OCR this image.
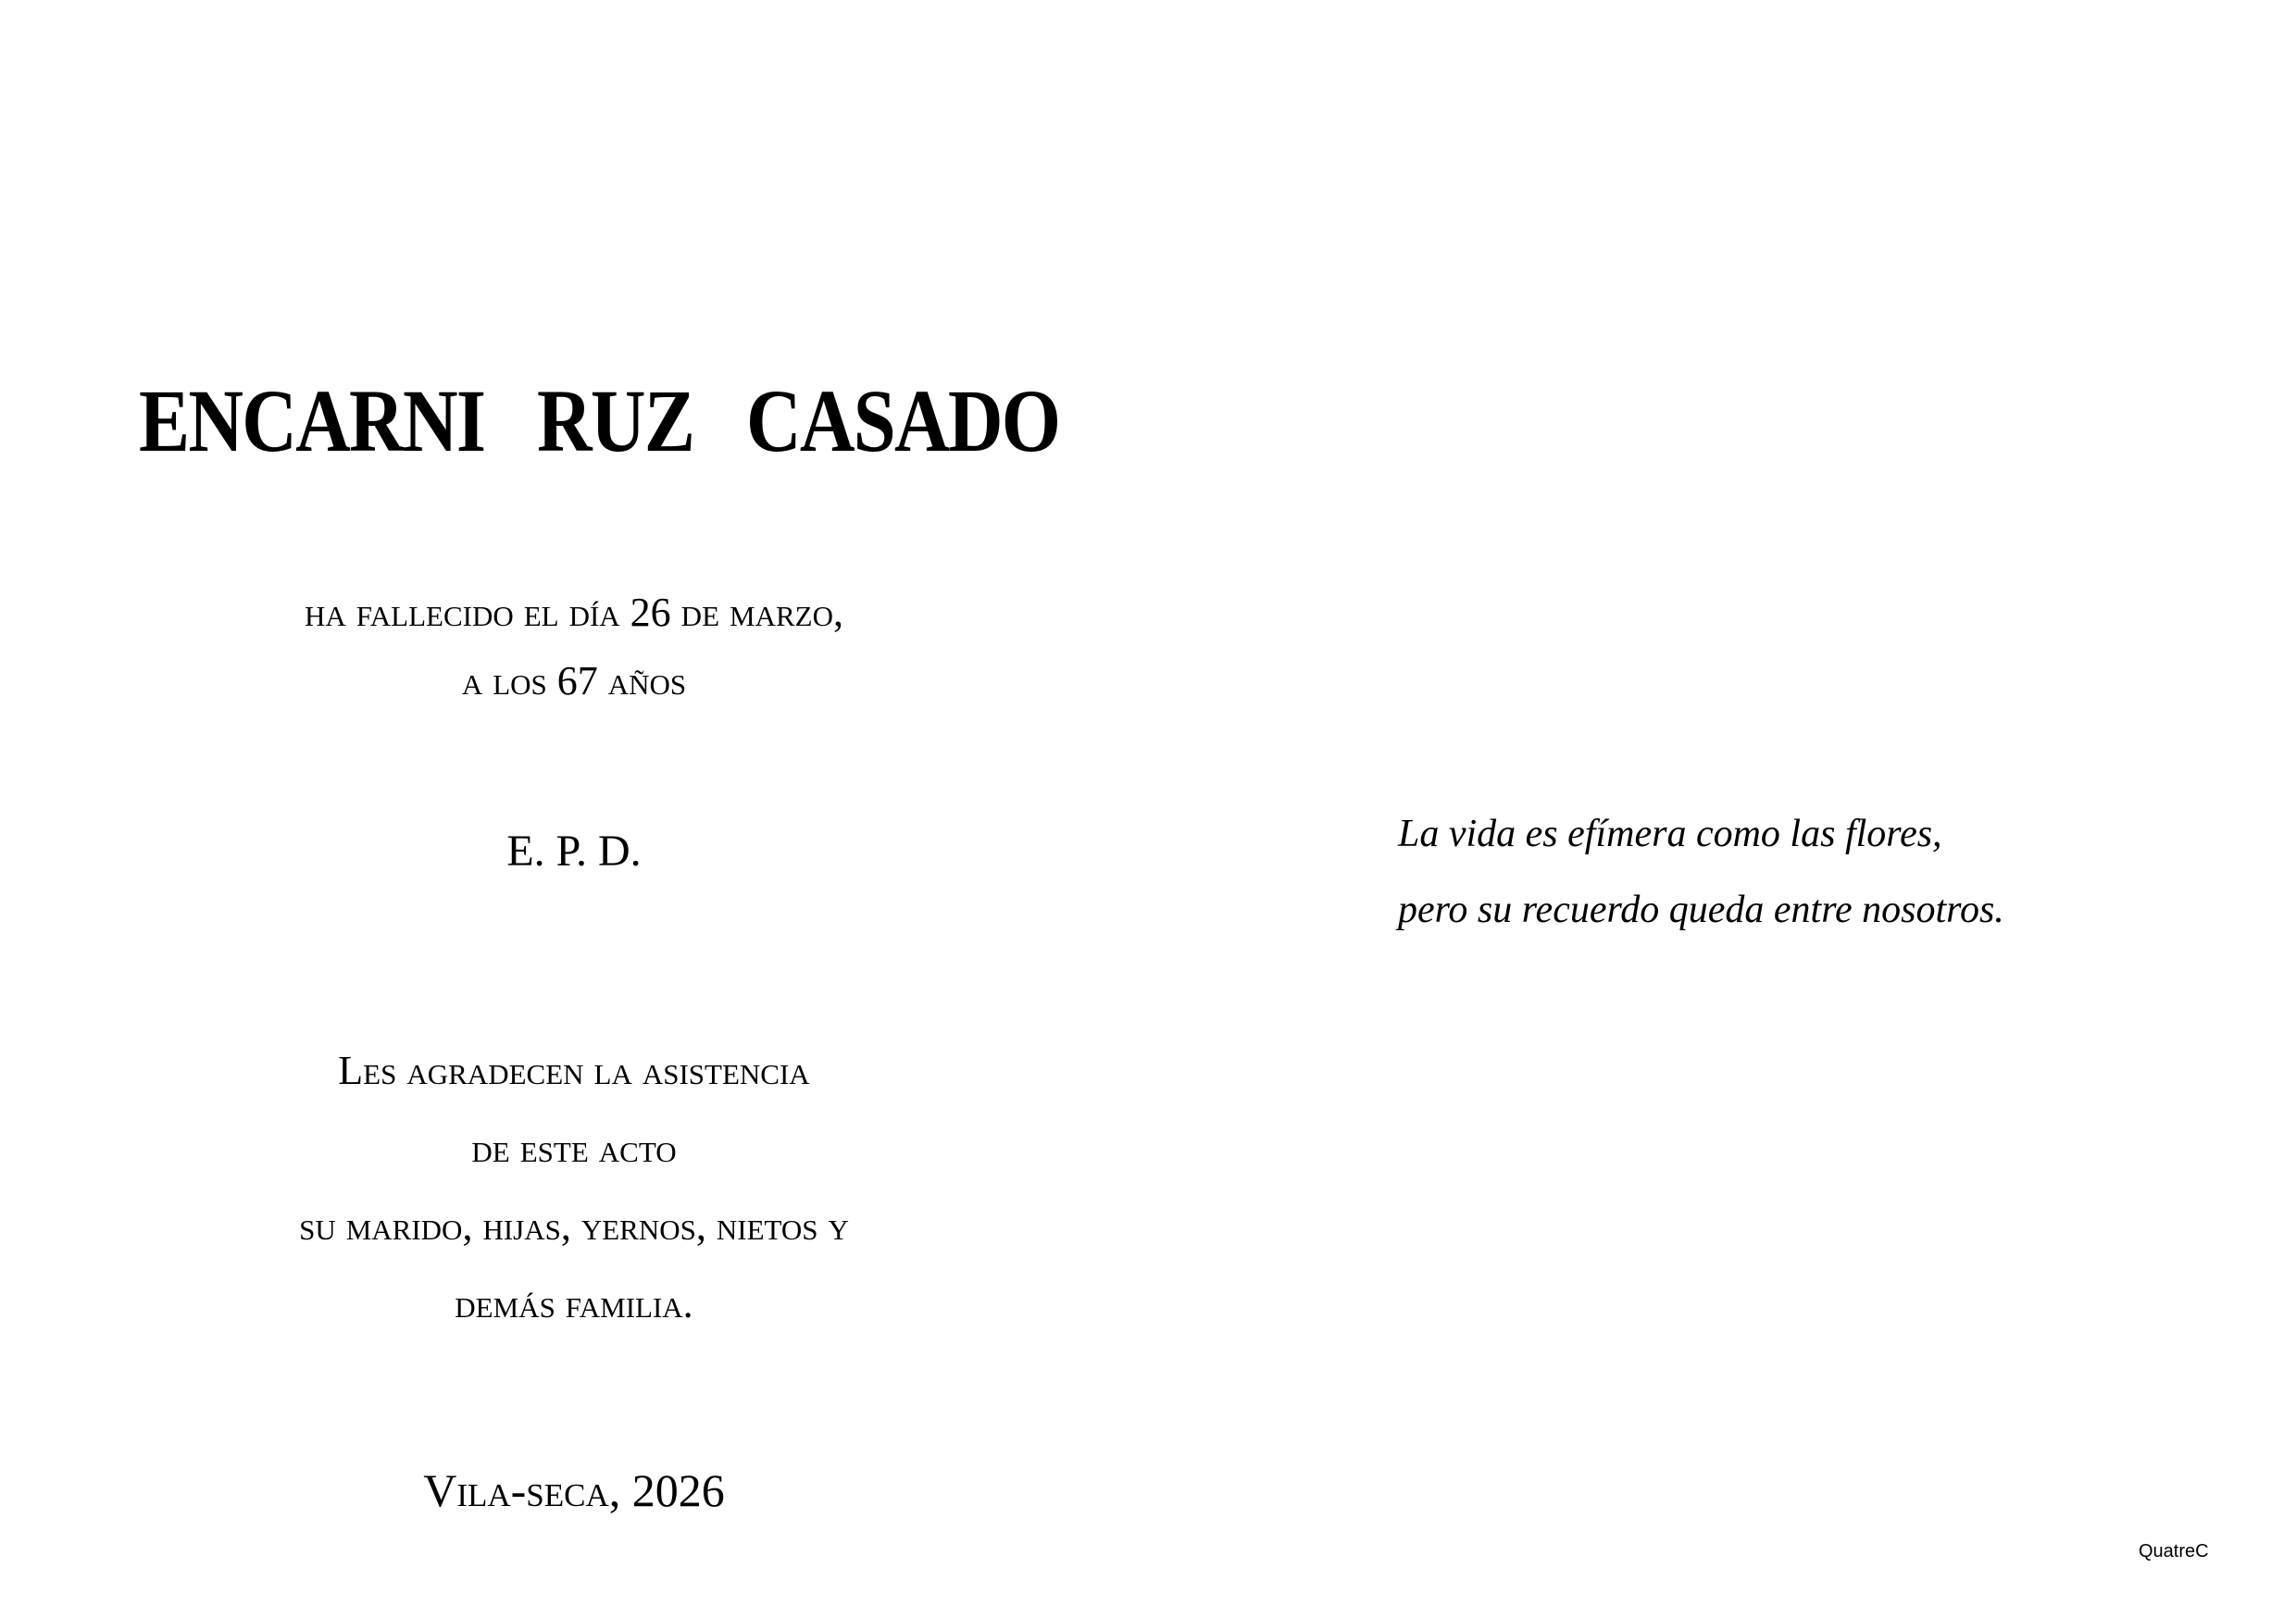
ENCARNI   RUZ   CASADO
ha fallecido el día 26 de marzo,
a los 67 años
E. P. D.
Les agradecen la asistencia
de este acto
su marido, hijas, yernos, nietos y
demás familia.
Vila-seca, 2026
La vida es efímera como las flores,
pero su recuerdo queda entre nosotros.
QuatreC
